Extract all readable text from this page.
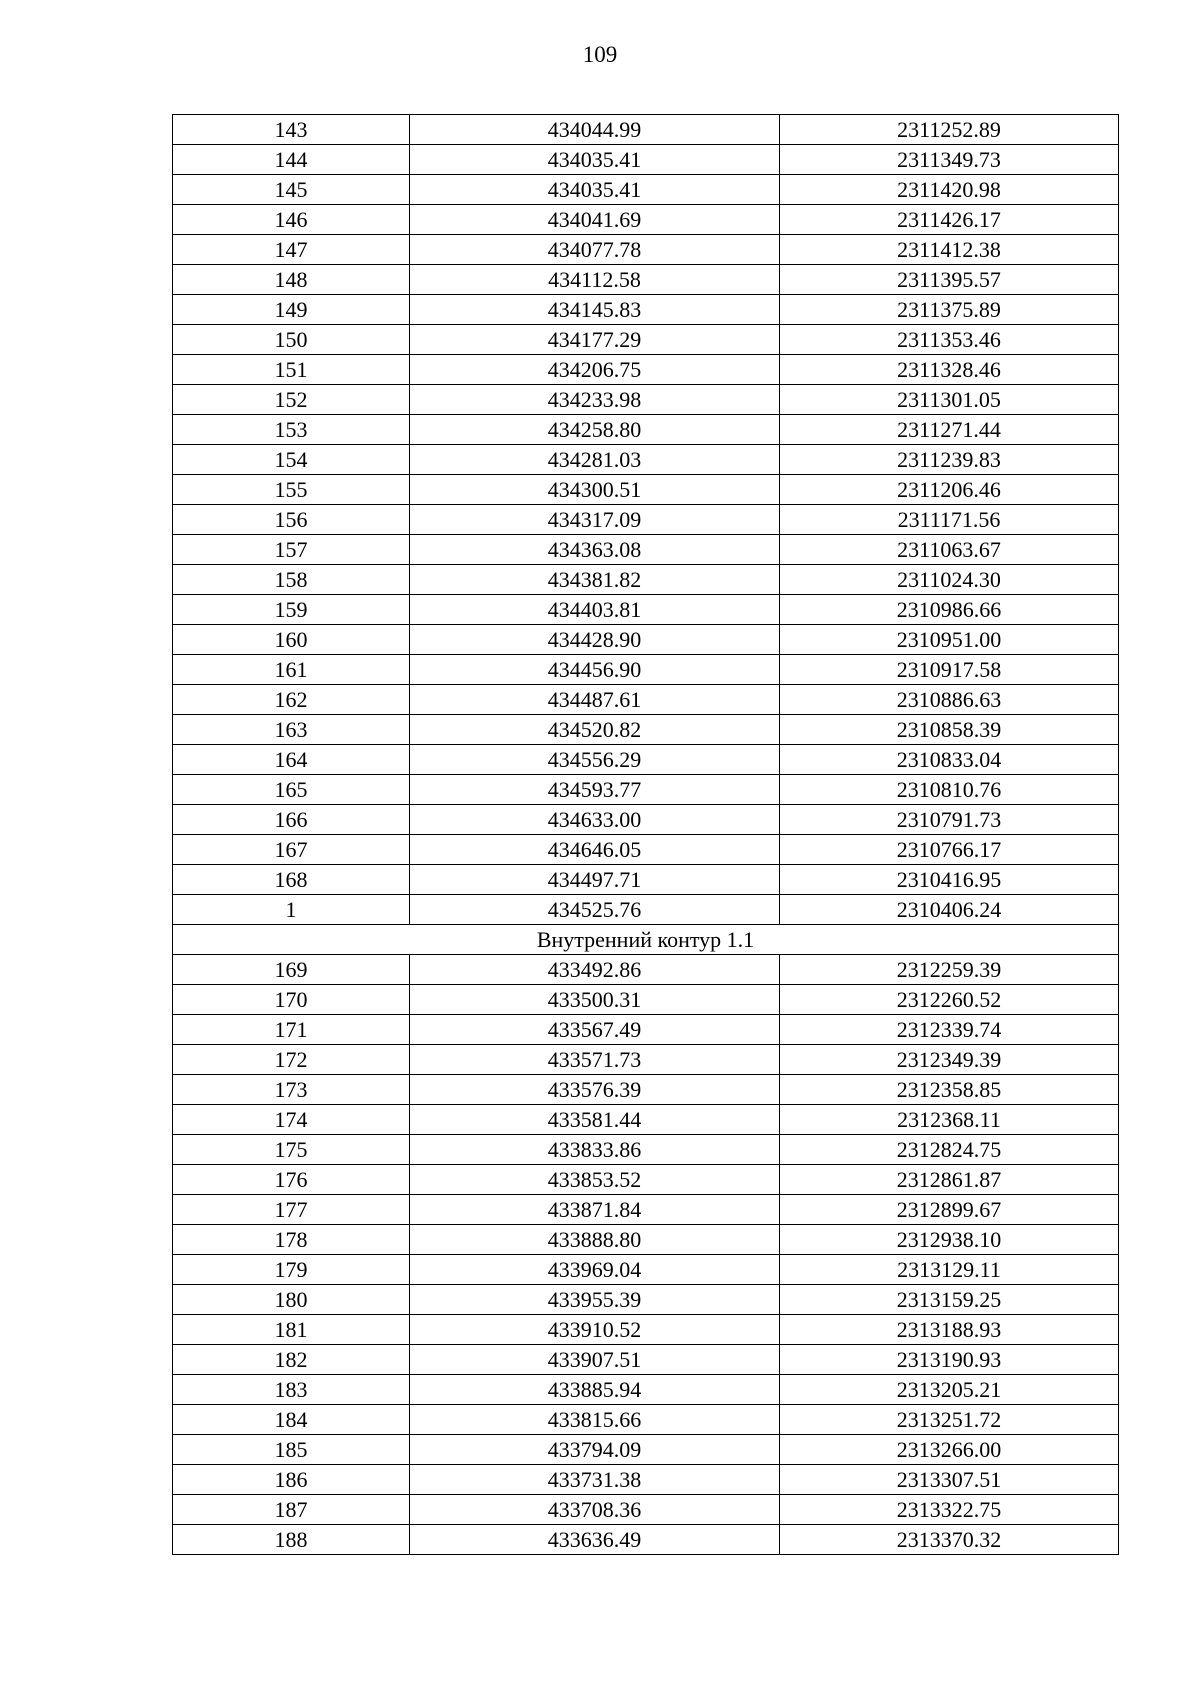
109
143	434044.99	2311252.89
144	434035.41	2311349.73
145	434035.41	2311420.98
146	434041.69	2311426.17
147	434077.78	2311412.38
148	434112.58	2311395.57
149	434145.83	2311375.89
150	434177.29	2311353.46
151	434206.75	2311328.46
152	434233.98	2311301.05
153	434258.80	2311271.44
154	434281.03	2311239.83
155	434300.51	2311206.46
156	434317.09	2311171.56
157	434363.08	2311063.67
158	434381.82	2311024.30
159	434403.81	2310986.66
160	434428.90	2310951.00
161	434456.90	2310917.58
162	434487.61	2310886.63
163	434520.82	2310858.39
164	434556.29	2310833.04
165	434593.77	2310810.76
166	434633.00	2310791.73
167	434646.05	2310766.17
168	434497.71	2310416.95
1	434525.76	2310406.24
Внутренний контур 1.1		
169	433492.86	2312259.39
170	433500.31	2312260.52
171	433567.49	2312339.74
172	433571.73	2312349.39
173	433576.39	2312358.85
174	433581.44	2312368.11
175	433833.86	2312824.75
176	433853.52	2312861.87
177	433871.84	2312899.67
178	433888.80	2312938.10
179	433969.04	2313129.11
180	433955.39	2313159.25
181	433910.52	2313188.93
182	433907.51	2313190.93
183	433885.94	2313205.21
184	433815.66	2313251.72
185	433794.09	2313266.00
186	433731.38	2313307.51
187	433708.36	2313322.75
188	433636.49	2313370.32
